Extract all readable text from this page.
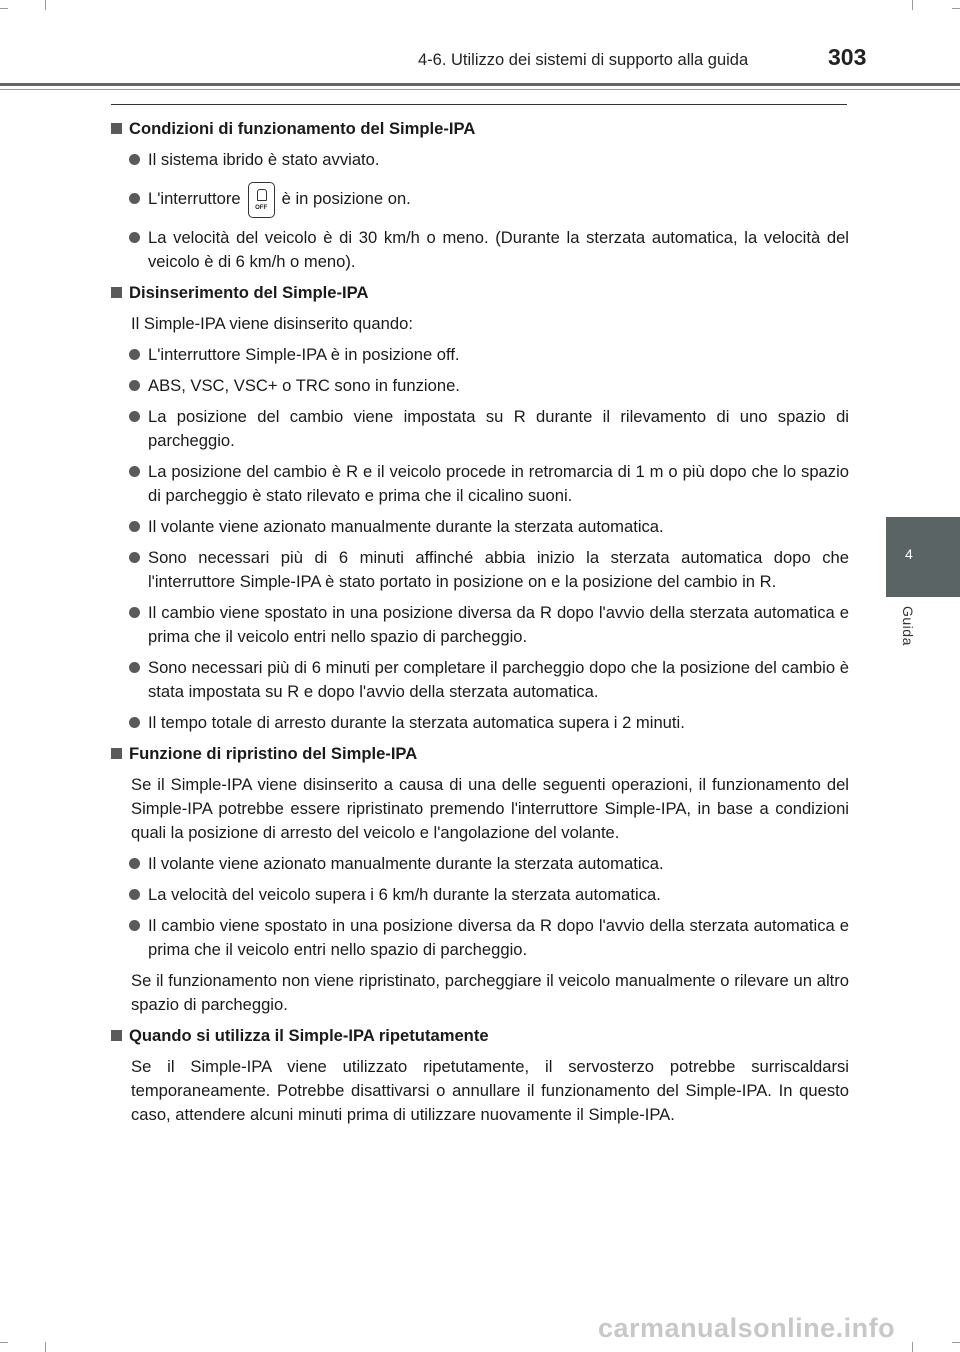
4-6. Utilizzo dei sistemi di supporto alla guida	303
4
Guida
Condizioni di funzionamento del Simple-IPA
Il sistema ibrido è stato avviato.
L'interruttore	OFF è in posizione on.
La velocità del veicolo è di 30 km/h o meno. (Durante la sterzata automatica, la velocità del veicolo è di 6 km/h o meno).
Disinserimento del Simple-IPA
Il Simple-IPA viene disinserito quando:
L'interruttore Simple-IPA è in posizione off.
ABS, VSC, VSC+ o TRC sono in funzione.
La posizione del cambio viene impostata su R durante il rilevamento di uno spazio di parcheggio.
La posizione del cambio è R e il veicolo procede in retromarcia di 1 m o più dopo che lo spazio di parcheggio è stato rilevato e prima che il cicalino suoni.
Il volante viene azionato manualmente durante la sterzata automatica.
Sono necessari più di 6 minuti affinché abbia inizio la sterzata automatica dopo che l'interruttore Simple-IPA è stato portato in posizione on e la posizione del cambio in R.
Il cambio viene spostato in una posizione diversa da R dopo l'avvio della sterzata automatica e prima che il veicolo entri nello spazio di parcheggio.
Sono necessari più di 6 minuti per completare il parcheggio dopo che la posizione del cambio è stata impostata su R e dopo l'avvio della sterzata automatica.
Il tempo totale di arresto durante la sterzata automatica supera i 2 minuti.
Funzione di ripristino del Simple-IPA
Se il Simple-IPA viene disinserito a causa di una delle seguenti operazioni, il funzionamento del Simple-IPA potrebbe essere ripristinato premendo l'interruttore Simple-IPA, in base a condizioni quali la posizione di arresto del veicolo e l'angolazione del volante.
Il volante viene azionato manualmente durante la sterzata automatica.
La velocità del veicolo supera i 6 km/h durante la sterzata automatica.
Il cambio viene spostato in una posizione diversa da R dopo l'avvio della sterzata automatica e prima che il veicolo entri nello spazio di parcheggio.
Se il funzionamento non viene ripristinato, parcheggiare il veicolo manualmente o rilevare un altro spazio di parcheggio.
Quando si utilizza il Simple-IPA ripetutamente
Se il Simple-IPA viene utilizzato ripetutamente, il servosterzo potrebbe surriscaldarsi temporaneamente. Potrebbe disattivarsi o annullare il funzionamento del Simple-IPA. In questo caso, attendere alcuni minuti prima di utilizzare nuovamente il Simple-IPA.
carmanualsonline.info
